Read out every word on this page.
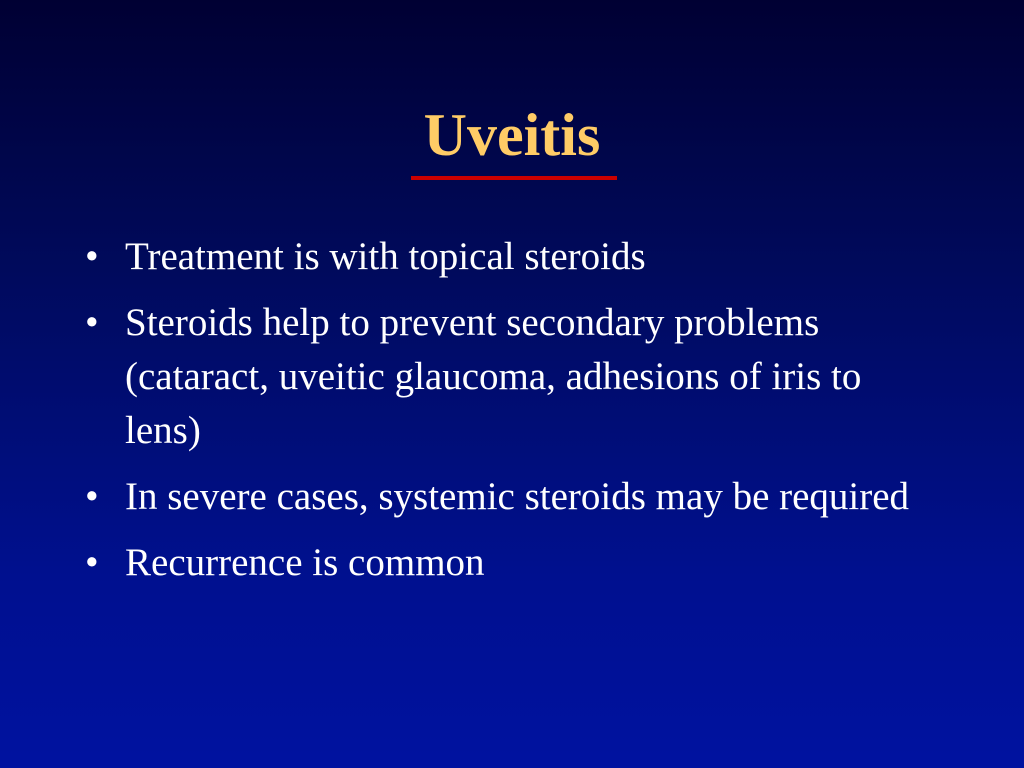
Uveitis
• Treatment is with topical steroids
• Steroids help to prevent secondary problems (cataract, uveitic glaucoma, adhesions of iris to lens)
• In severe cases, systemic steroids may be required
• Recurrence is common
